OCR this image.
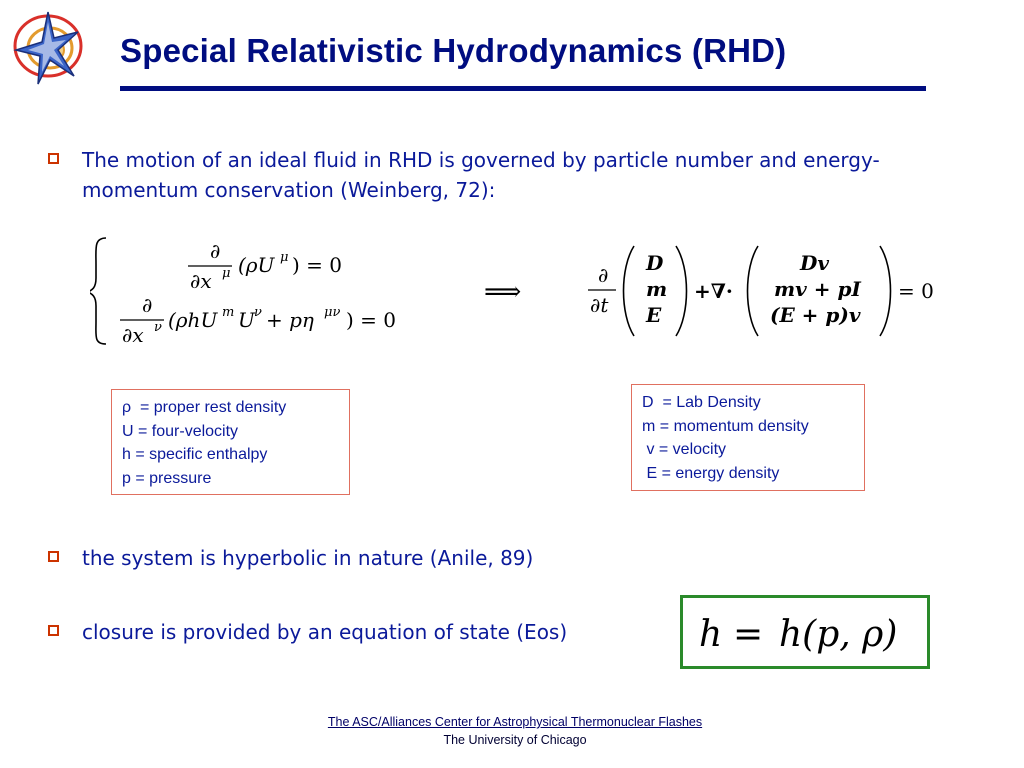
Special Relativistic Hydrodynamics (RHD)
The motion of an ideal fluid in RHD is governed by particle number and energy-momentum conservation (Weinberg, 72):
∂
∂x μ (ρU μ ) = 0
∂
∂x ν (ρhU m U ν + pη μν ) = 0
⟹
∂
∂t
D
m
E
+∇·
Dv
mv + pI
(E + p)v
= 0
ρ  = proper rest density
U = four-velocity
h = specific enthalpy
p = pressure
D  = Lab Density
m = momentum density
v = velocity
E = energy density
the system is hyperbolic in nature (Anile, 89)
closure is provided by an equation of state (Eos)	h = h(p, ρ)
The ASC/Alliances Center for Astrophysical Thermonuclear Flashes
The University of Chicago
